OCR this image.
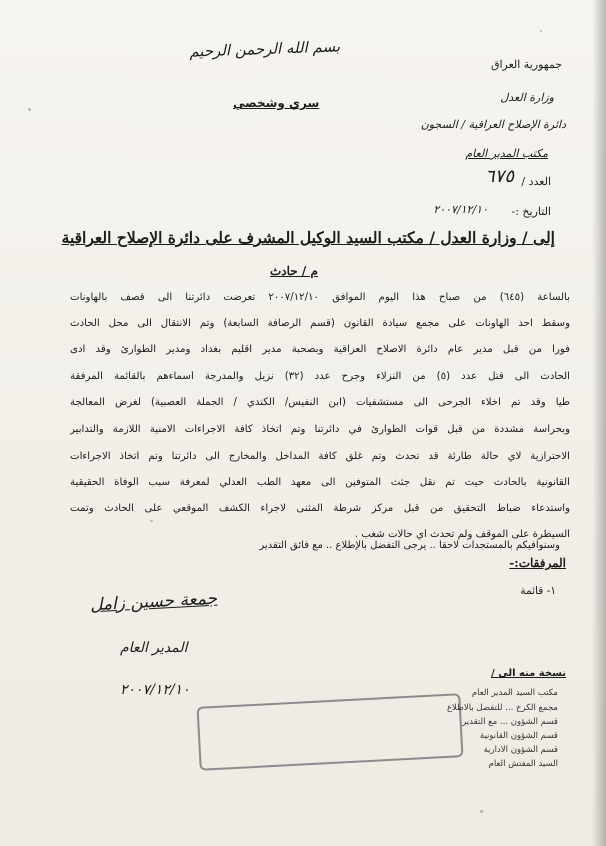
بسم الله الرحمن الرحيم
جمهورية العراق
وزارة العدل
دائرة الإصلاح العراقية / السجون
مكتب المدير العام
العدد /
٦٧٥
التاريخ :-
٢٠٠٧/١٢/١٠
سري وشخصي
إلى / وزارة العدل / مكتب السيد الوكيل المشرف على دائرة الإصلاح العراقية
م / حادث
بالساعة (٦٤٥) من صباح هذا اليوم الموافق ٢٠٠٧/١٢/١٠ تعرضت دائرتنا الى قصف بالهاونات
وسقط احد الهاونات على مجمع سيادة القانون (قسم الرصافة السابعة) وتم الانتقال الى محل الحادث
فوراً من قبل مدير عام دائرة الاصلاح العراقية وبصحبة مدير اقليم بغداد ومدير الطوارئ وقد ادى
الحادث الى قتل عدد (٥) من النزلاء وجرح عدد (٣٢) نزيل والمدرجة أسماءهم بالقائمة المرفقة
طياً وقد تم اخلاء الجرحى الى مستشفيات (ابن النفيس/ الكندي / الجملة العصبية) لغرض المعالجة
وبحراسة مشددة من قبل قوات الطوارئ في دائرتنا وتم اتخاذ كافة الاجراءات الامنية اللازمة والتدابير
الاحترازية لاي حالة طارئة قد تحدث وتم غلق كافة المداخل والمخارج الى دائرتنا وتم اتخاذ الاجراءات
القانونية بالحادث حيث تم نقل جثث المتوفين الى معهد الطب العدلي لمعرفة سبب الوفاة الحقيقية
واستدعاء ضباط التحقيق من قبل مركز شرطة المثنى لاجراء الكشف الموقعي على الحادث وتمت
السيطرة على الموقف ولم تحدث أي حالات شغب .
وسنوافيكم بالمستجدات لاحقاً .. يرجى التفضل بالإطلاع .. مع فائق التقدير
المرفقات:-
١- قائمة
جمعة حسين زامل
المدير العام
٢٠٠٧/١٢/١٠
نسخة منه الى /
مكتب السيد المدير العام
مجمع الكرخ ... للتفضل بالاطلاع
قسم الشؤون ... مع التقدير
قسم الشؤون القانونية
قسم الشؤون الادارية
السيد المفتش العام
